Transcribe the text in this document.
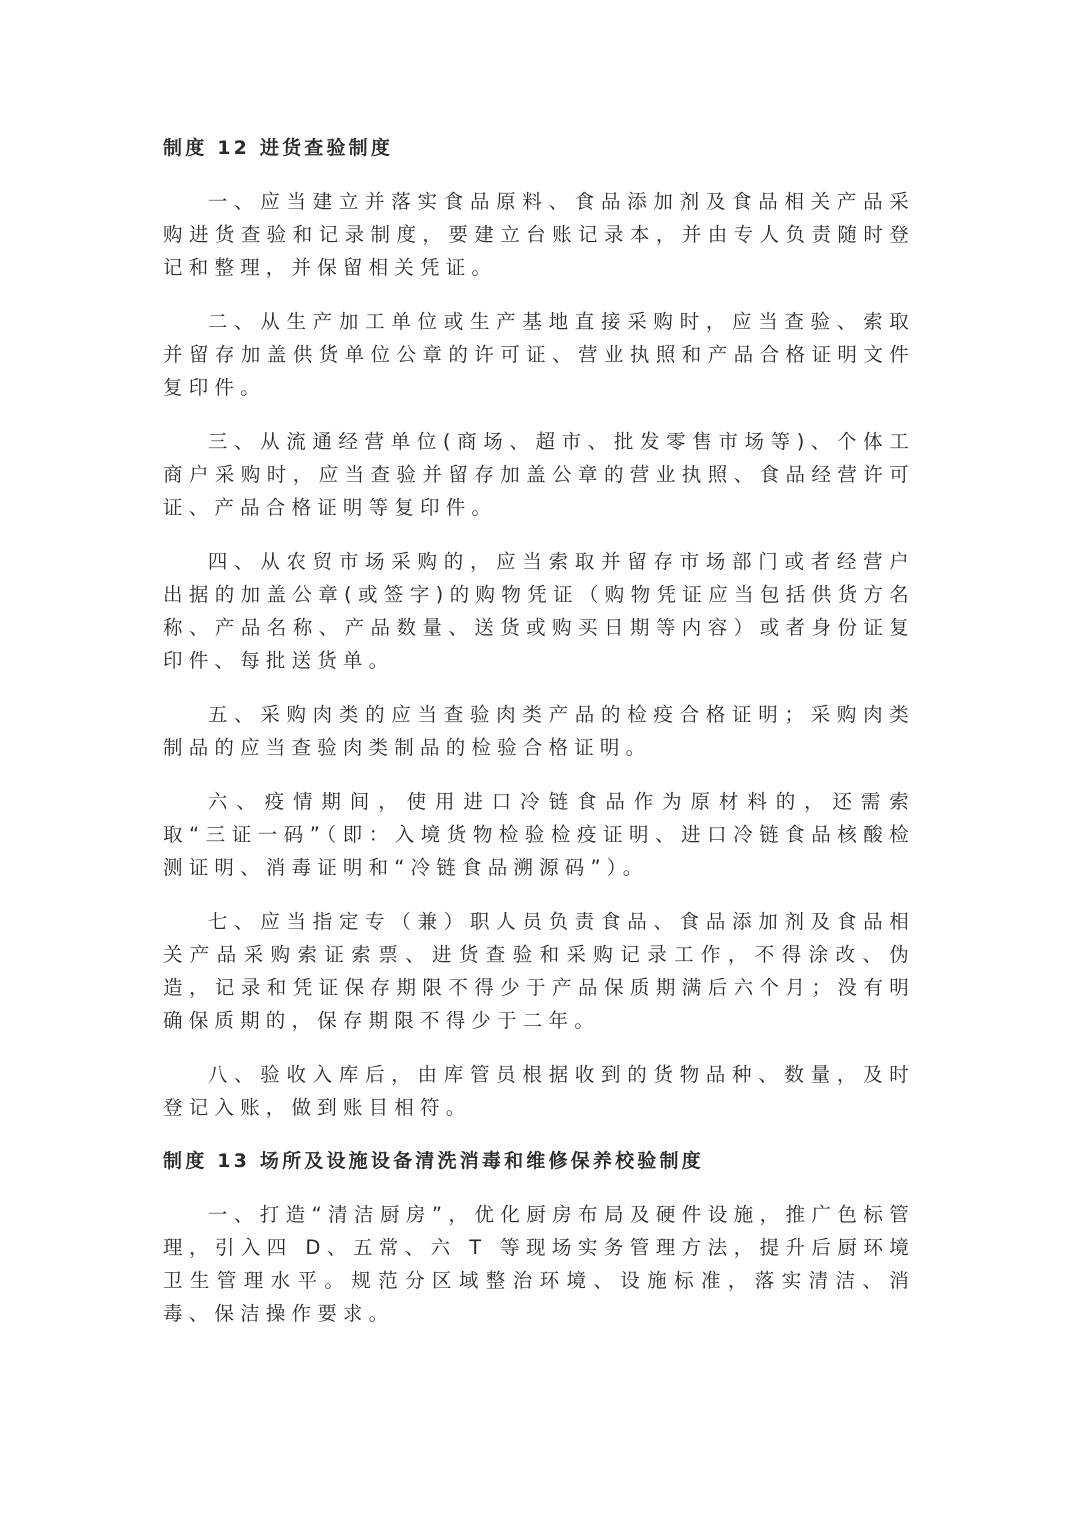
制度 12 进货查验制度

一、应当建立并落实食品原料、食品添加剂及食品相关产品采购进货查验和记录制度，要建立台账记录本，并由专人负责随时登记和整理，并保留相关凭证。

二、从生产加工单位或生产基地直接采购时，应当查验、索取并留存加盖供货单位公章的许可证、营业执照和产品合格证明文件复印件。

三、从流通经营单位(商场、超市、批发零售市场等)、个体工商户采购时，应当查验并留存加盖公章的营业执照、食品经营许可证、产品合格证明等复印件。

四、从农贸市场采购的，应当索取并留存市场部门或者经营户出据的加盖公章(或签字)的购物凭证（购物凭证应当包括供货方名称、产品名称、产品数量、送货或购买日期等内容）或者身份证复印件、每批送货单。

五、采购肉类的应当查验肉类产品的检疫合格证明；采购肉类制品的应当查验肉类制品的检验合格证明。

六、疫情期间，使用进口冷链食品作为原材料的，还需索取“三证一码”（即：入境货物检验检疫证明、进口冷链食品核酸检测证明、消毒证明和“冷链食品溯源码”）。

七、应当指定专（兼）职人员负责食品、食品添加剂及食品相关产品采购索证索票、进货查验和采购记录工作，不得涂改、伪造，记录和凭证保存期限不得少于产品保质期满后六个月；没有明确保质期的，保存期限不得少于二年。

八、验收入库后，由库管员根据收到的货物品种、数量，及时登记入账，做到账目相符。

制度 13 场所及设施设备清洗消毒和维修保养校验制度

一、打造“清洁厨房”，优化厨房布局及硬件设施，推广色标管理，引入四 D、五常、六 T 等现场实务管理方法，提升后厨环境卫生管理水平。规范分区域整治环境、设施标准，落实清洁、消毒、保洁操作要求。
